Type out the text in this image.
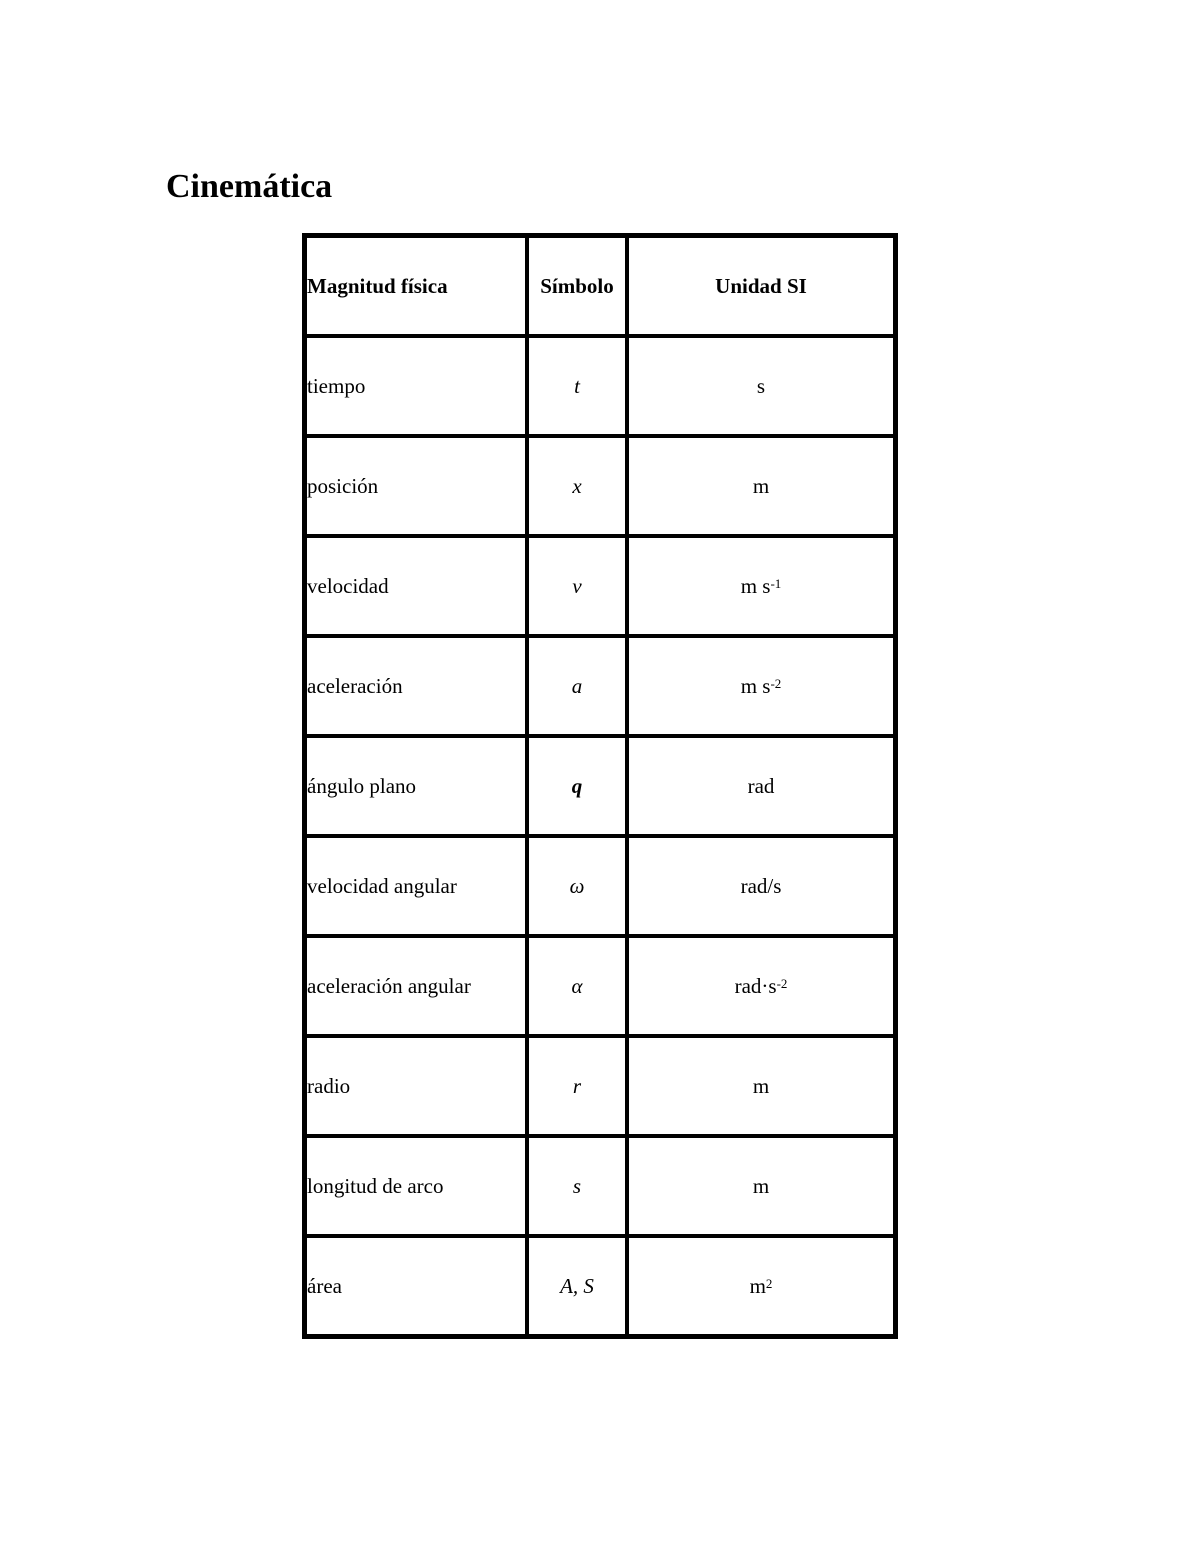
Cinemática
Magnitud física	Símbolo	Unidad SI
tiempo	t	s
posición	x	m
velocidad	v	m $s^{-1}$
aceleración	a	m $s^{-2}$
ángulo plano	q	rad
velocidad angular	ω	rad/s
aceleración angular	α	$rad\cdot s^{-2}$
radio	r	m
longitud de arco	s	m
área	A, S	$m^2$
